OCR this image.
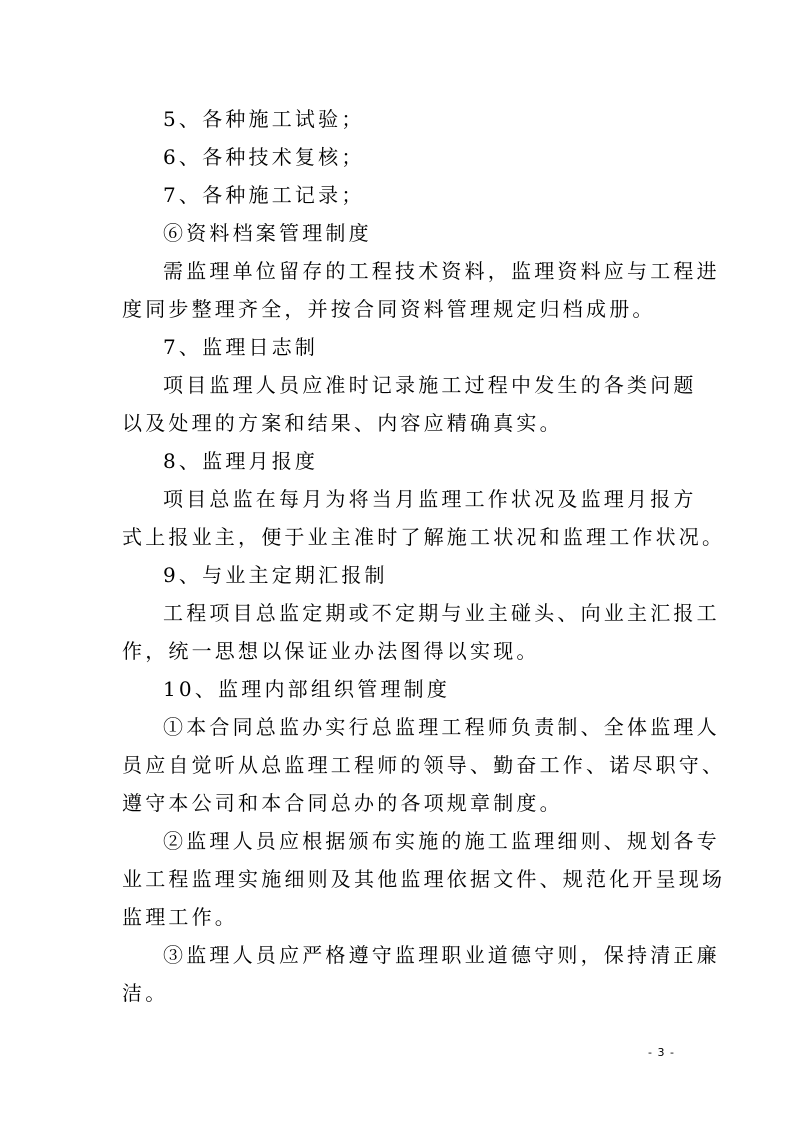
5、各种施工试验；
6、各种技术复核；
7、各种施工记录；
⑥资料档案管理制度
需监理单位留存的工程技术资料，监理资料应与工程进
度同步整理齐全，并按合同资料管理规定归档成册。
7、监理日志制
项目监理人员应准时记录施工过程中发生的各类问题
以及处理的方案和结果、内容应精确真实。
8、监理月报度
项目总监在每月为将当月监理工作状况及监理月报方
式上报业主，便于业主准时了解施工状况和监理工作状况。
9、与业主定期汇报制
工程项目总监定期或不定期与业主碰头、向业主汇报工
作，统一思想以保证业办法图得以实现。
10、监理内部组织管理制度
①本合同总监办实行总监理工程师负责制、全体监理人
员应自觉听从总监理工程师的领导、勤奋工作、诺尽职守、
遵守本公司和本合同总办的各项规章制度。
②监理人员应根据颁布实施的施工监理细则、规划各专
业工程监理实施细则及其他监理依据文件、规范化开呈现场
监理工作。
③监理人员应严格遵守监理职业道德守则，保持清正廉
洁。
- 3 -
